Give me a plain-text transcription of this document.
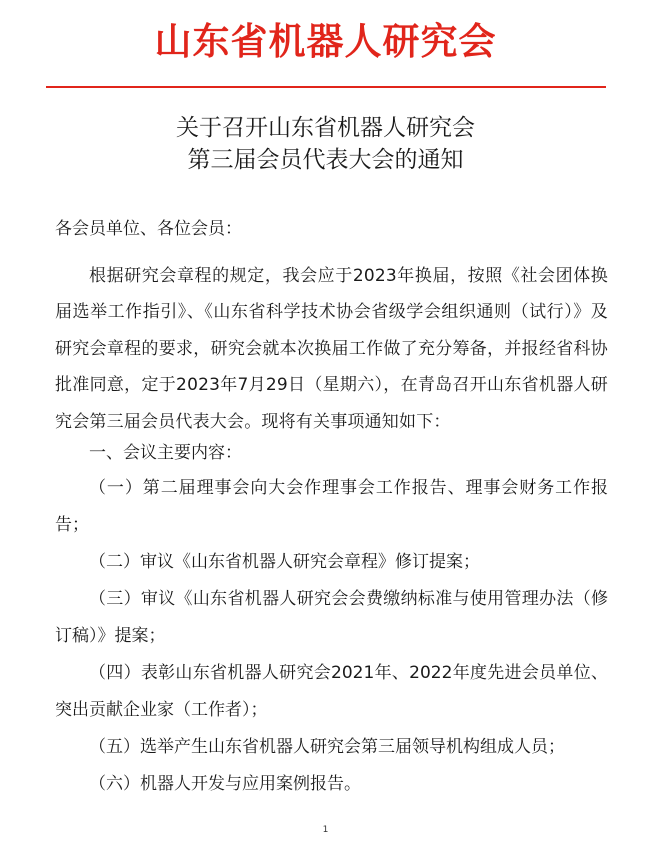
山东省机器人研究会
关于召开山东省机器人研究会
第三届会员代表大会的通知
各会员单位、各位会员：
根据研究会章程的规定，我会应于2023年换届，按照《社会团体换届选举工作指引》、《山东省科学技术协会省级学会组织通则（试行）》及研究会章程的要求，研究会就本次换届工作做了充分筹备，并报经省科协批准同意，定于2023年7月29日（星期六），在青岛召开山东省机器人研究会第三届会员代表大会。现将有关事项通知如下：
一、会议主要内容：
（一）第二届理事会向大会作理事会工作报告、理事会财务工作报告；
（二）审议《山东省机器人研究会章程》修订提案；
（三）审议《山东省机器人研究会会费缴纳标准与使用管理办法（修订稿）》提案；
（四）表彰山东省机器人研究会2021年、2022年度先进会员单位、突出贡献企业家（工作者）；
（五）选举产生山东省机器人研究会第三届领导机构组成人员；
（六）机器人开发与应用案例报告。
1
